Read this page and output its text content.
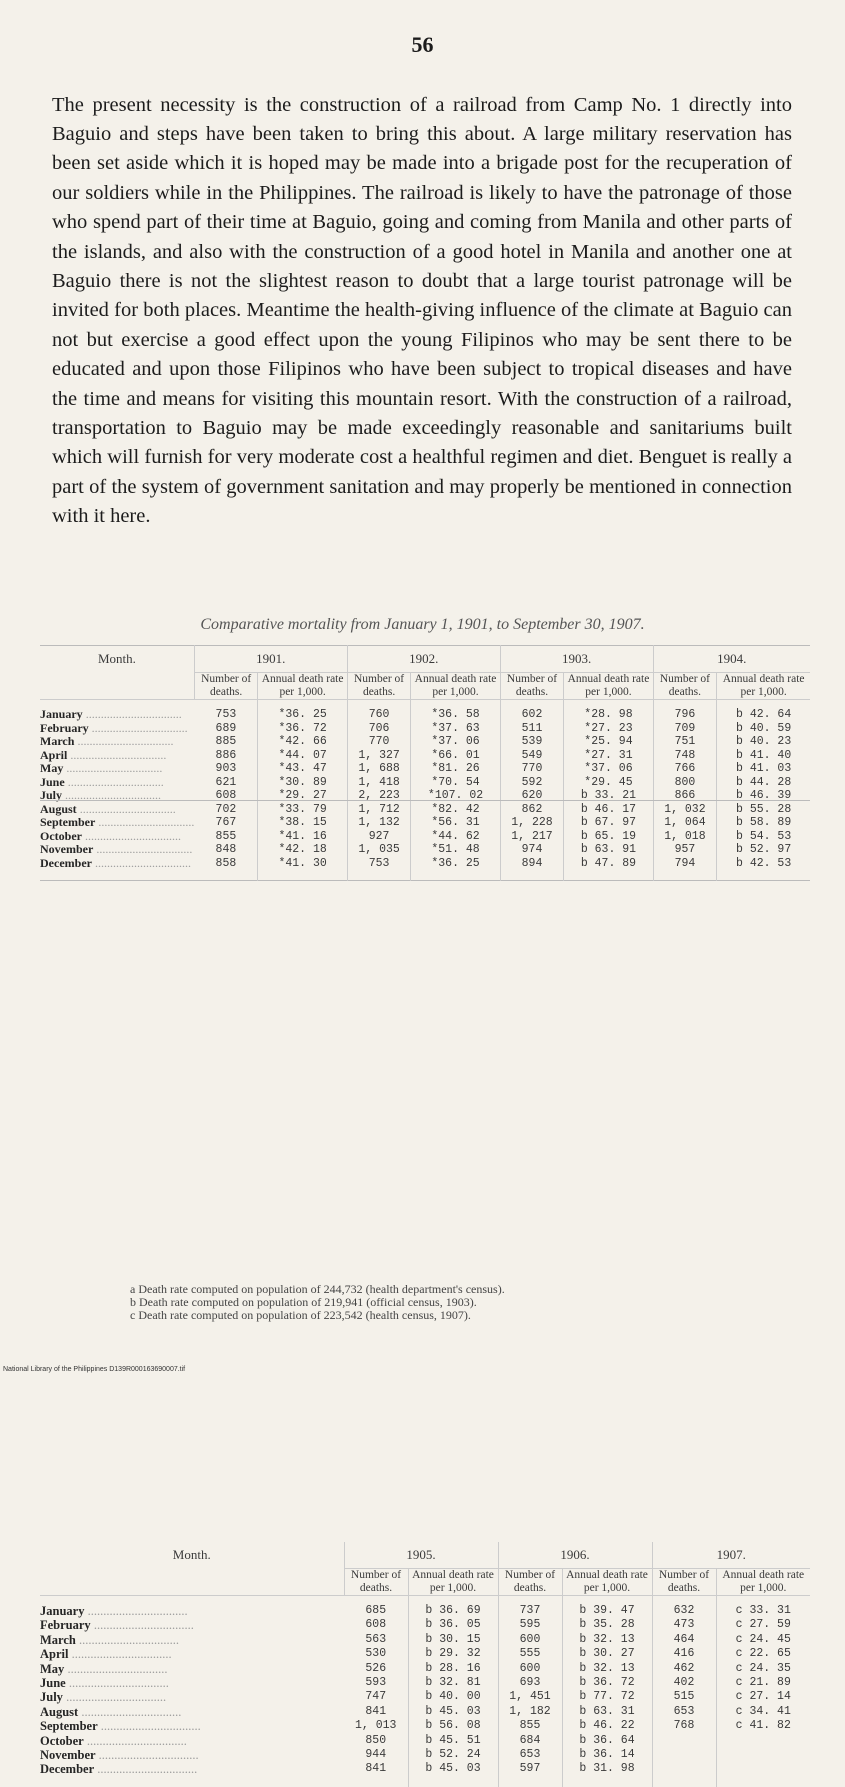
56

The present necessity is the construction of a railroad from Camp No. 1 directly into Baguio and steps have been taken to bring this about. A large military reservation has been set aside which it is hoped may be made into a brigade post for the recuperation of our soldiers while in the Philippines. The railroad is likely to have the patronage of those who spend part of their time at Baguio, going and coming from Manila and other parts of the islands, and also with the construction of a good hotel in Manila and another one at Baguio there is not the slightest reason to doubt that a large tourist patronage will be invited for both places. Meantime the health-giving influence of the climate at Baguio can not but exercise a good effect upon the young Filipinos who may be sent there to be educated and upon those Filipinos who have been subject to tropical diseases and have the time and means for visiting this mountain resort. With the construction of a railroad, transportation to Baguio may be made exceedingly reasonable and sanitariums built which will furnish for very moderate cost a healthful regimen and diet. Benguet is really a part of the system of government sanitation and may properly be mentioned in connection with it here.

Comparative mortality from January 1, 1901, to September 30, 1907.
Month.	1901.		1902.		1903.		1904.	
	Number of deaths.	Annual death rate per 1,000.	Number of deaths.	Annual death rate per 1,000.	Number of deaths.	Annual death rate per 1,000.	Number of deaths.	Annual death rate per 1,000.
January .....	753	*36. 25	760	*36. 58	602	*28. 98	796	b 42. 64
February .....	689	*36. 72	706	*37. 63	511	*27. 23	709	b 40. 59
March .....	885	*42. 66	770	*37. 06	539	*25. 94	751	b 40. 23
April .....	886	*44. 07	1, 327	*66. 01	549	*27. 31	748	b 41. 40
May .....	903	*43. 47	1, 688	*81. 26	770	*37. 06	766	b 41. 03
June .....	621	*30. 89	1, 418	*70. 54	592	*29. 45	800	b 44. 28
July .....	608	*29. 27	2, 223	*107. 02	620	b 33. 21	866	b 46. 39
August .....	702	*33. 79	1, 712	*82. 42	862	b 46. 17	1, 032	b 55. 28
September .....	767	*38. 15	1, 132	*56. 31	1, 228	b 67. 97	1, 064	b 58. 89
October .....	855	*41. 16	927	*44. 62	1, 217	b 65. 19	1, 018	b 54. 53
November .....	848	*42. 18	1, 035	*51. 48	974	b 63. 91	957	b 52. 97
December .....	858	*41. 30	753	*36. 25	894	b 47. 89	794	b 42. 53
Month.	1905.		1906.		1907.	
	Number of deaths.	Annual death rate per 1,000.	Number of deaths.	Annual death rate per 1,000.	Number of deaths.	Annual death rate per 1,000.
January .....	685	b 36. 69	737	b 39. 47	632	c 33. 31
February .....	608	b 36. 05	595	b 35. 28	473	c 27. 59
March .....	563	b 30. 15	600	b 32. 13	464	c 24. 45
April .....	530	b 29. 32	555	b 30. 27	416	c 22. 65
May .....	526	b 28. 16	600	b 32. 13	462	c 24. 35
June .....	593	b 32. 81	693	b 36. 72	402	c 21. 89
July .....	747	b 40. 00	1, 451	b 77. 72	515	c 27. 14
August .....	841	b 45. 03	1, 182	b 63. 31	653	c 34. 41
September .....	1, 013	b 56. 08	855	b 46. 22	768	c 41. 82
October .....	850	b 45. 51	684	b 36. 64		
November .....	944	b 52. 24	653	b 36. 14		
December .....	841	b 45. 03	597	b 31. 98		
a Death rate computed on population of 244,732 (health department's census).
b Death rate computed on population of 219,941 (official census, 1903).
c Death rate computed on population of 223,542 (health census, 1907).
National Library of the Philippines D139R000163690007.tif
